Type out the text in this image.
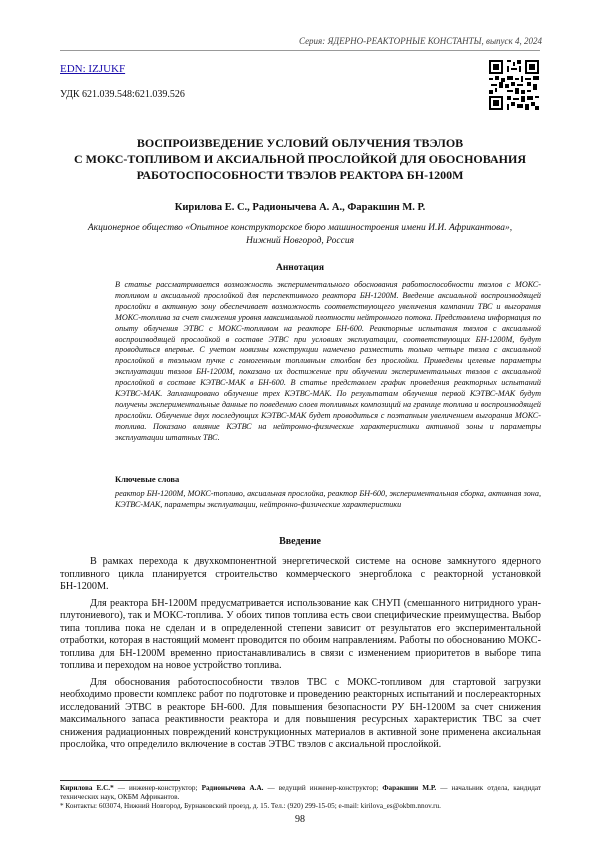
Серия: ЯДЕРНО-РЕАКТОРНЫЕ КОНСТАНТЫ, выпуск 4, 2024
EDN: IZJUKF
УДК 621.039.548:621.039.526
ВОСПРОИЗВЕДЕНИЕ УСЛОВИЙ ОБЛУЧЕНИЯ ТВЭЛОВ
С МОКС-ТОПЛИВОМ И АКСИАЛЬНОЙ ПРОСЛОЙКОЙ ДЛЯ ОБОСНОВАНИЯ
РАБОТОСПОСОБНОСТИ ТВЭЛОВ РЕАКТОРА БН-1200М
Кирилова Е. С., Радионычева А. А., Фаракшин М. Р.
Акционерное общество «Опытное конструкторское бюро машиностроения имени И.И. Африкантова»,
Нижний Новгород, Россия
Аннотация
В статье рассматривается возможность экспериментального обоснования работоспособности твэлов с МОКС-топливом и аксиальной прослойкой для перспективного реактора БН-1200М. Введение аксиальной воспроизводящей прослойки в активную зону обеспечивает возможность соответствующего увеличения кампании ТВС и выгорания МОКС-топлива за счет снижения уровня максимальной плотности нейтронного потока. Представлена информация по опыту облучения ЭТВС с МОКС-топливом на реакторе БН-600. Реакторные испытания твэлов с аксиальной воспроизводящей прослойкой в составе ЭТВС при условиях эксплуатации, соответствующих БН-1200М, будут проводиться впервые. С учетом новизны конструкции намечено разместить только четыре твэла с аксиальной прослойкой в твэльном пучке с гомогенным топливным столбом без прослойки. Приведены целевые параметры эксплуатации твэлов БН-1200М, показано их достижение при облучении экспериментальных твэлов с аксиальной прослойкой в составе КЭТВС-МАК в БН-600. В статье представлен график проведения реакторных испытаний КЭТВС-МАК. Запланировано облучение трех КЭТВС-МАК. По результатам облучения первой КЭТВС-МАК будут получены экспериментальные данные по поведению слоев топливных композиций на границе топлива и воспроизводящей прослойки. Облучение двух последующих КЭТВС-МАК будет проводиться с поэтапным увеличением выгорания МОКС-топлива. Показано влияние КЭТВС на нейтронно-физические характеристики активной зоны и параметры эксплуатации штатных ТВС.
Ключевые слова
реактор БН-1200М, МОКС-топливо, аксиальная прослойка, реактор БН-600, экспериментальная сборка, активная зона, КЭТВС-МАК, параметры эксплуатации, нейтронно-физические характеристики
Введение

В рамках перехода к двухкомпонентной энергетической системе на основе замкнутого ядерного топливного цикла планируется строительство коммерческого энергоблока с реакторной установкой БН-1200М.

Для реактора БН-1200М предусматривается использование как СНУП (смешанного нитридного уран-плутониевого), так и МОКС-топлива. У обоих типов топлива есть свои специфические преимущества. Выбор типа топлива пока не сделан и в определенной степени зависит от результатов его экспериментальной отработки, которая в настоящий момент проводится по обоим направлениям. Работы по обоснованию МОКС-топлива для БН-1200М временно приостанавливались в связи с изменением приоритетов в выборе типа топлива и переходом на новое устройство топлива.

Для обоснования работоспособности твэлов ТВС с МОКС-топливом для стартовой загрузки необходимо провести комплекс работ по подготовке и проведению реакторных испытаний и послереакторных исследований ЭТВС в реакторе БН-600. Для повышения безопасности РУ БН-1200М за счет снижения максимального запаса реактивности реактора и для повышения ресурсных характеристик ТВС за счет снижения радиационных повреждений конструкционных материалов в активной зоне применена аксиальная прослойка, что определило включение в состав ЭТВС твэлов с аксиальной прослойкой.

Кирилова Е.С.* — инженер-конструктор; Радионычева А.А. — ведущий инженер-конструктор; Фаракшин М.Р. — начальник отдела, кандидат технических наук, ОКБМ Африкантов.
* Контакты: 603074, Нижний Новгород, Бурнаковский проезд, д. 15. Тел.: (920) 299-15-05; e-mail: kirilova_es@okbm.nnov.ru.
98
